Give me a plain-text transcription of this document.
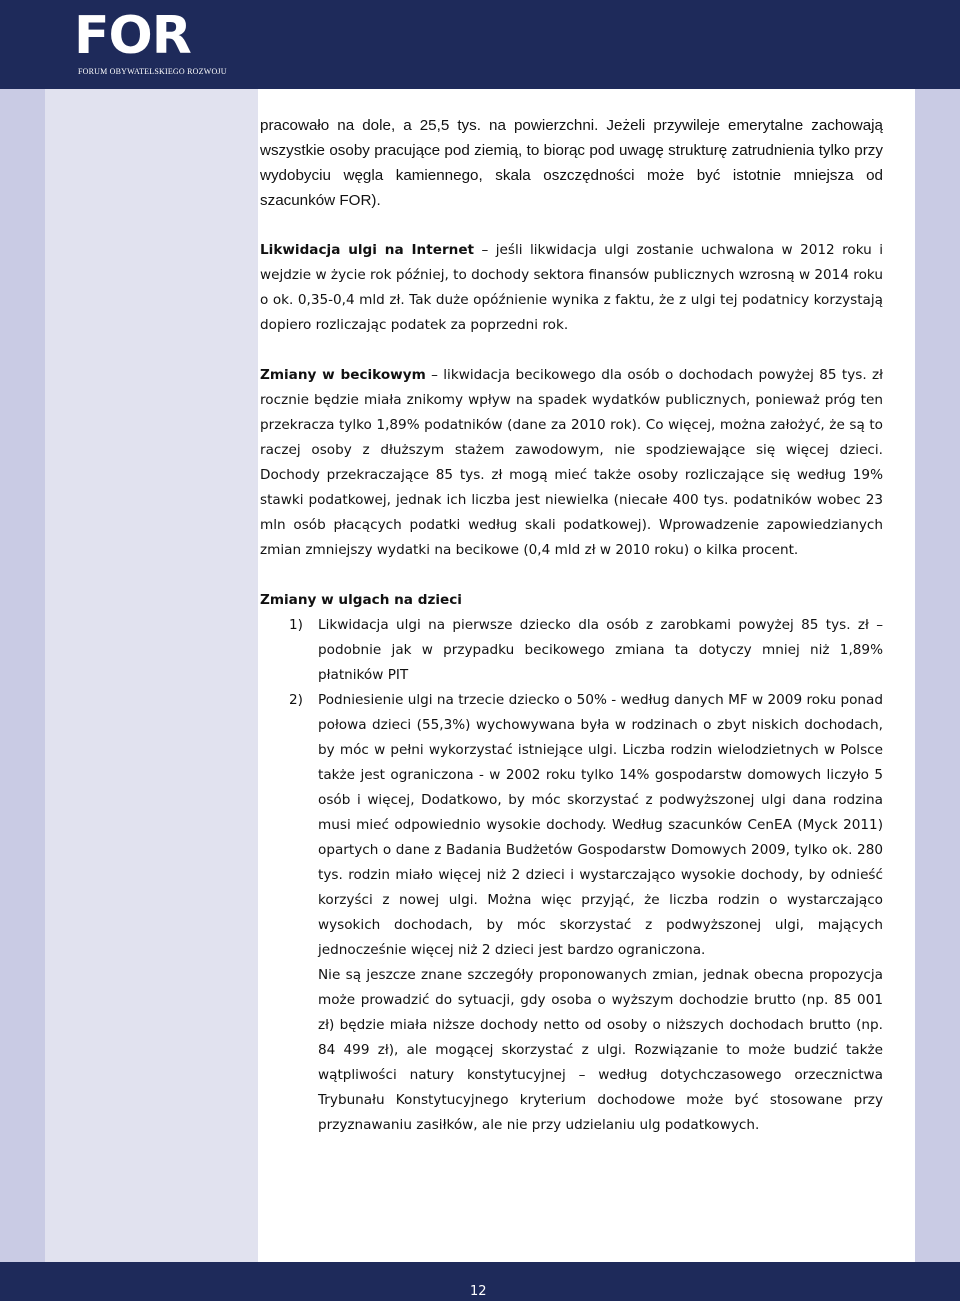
FOR
FORUM OBYWATELSKIEGO ROZWOJU

pracowało na dole, a 25,5 tys. na powierzchni. Jeżeli przywileje emerytalne zachowają wszystkie osoby pracujące pod ziemią, to biorąc pod uwagę strukturę zatrudnienia tylko przy wydobyciu węgla kamiennego, skala oszczędności może być istotnie mniejsza od szacunków FOR).

Likwidacja ulgi na Internet – jeśli likwidacja ulgi zostanie uchwalona w 2012 roku i wejdzie w życie rok później, to dochody sektora finansów publicznych wzrosną w 2014 roku o ok. 0,35-0,4 mld zł. Tak duże opóźnienie wynika z faktu, że z ulgi tej podatnicy korzystają dopiero rozliczając podatek za poprzedni rok.

Zmiany w becikowym – likwidacja becikowego dla osób o dochodach powyżej 85 tys. zł rocznie będzie miała znikomy wpływ na spadek wydatków publicznych, ponieważ próg ten przekracza tylko 1,89% podatników (dane za 2010 rok). Co więcej, można założyć, że są to raczej osoby z dłuższym stażem zawodowym, nie spodziewające się więcej dzieci. Dochody przekraczające 85 tys. zł mogą mieć także osoby rozliczające się według 19% stawki podatkowej, jednak ich liczba jest niewielka (niecałe 400 tys. podatników wobec 23 mln osób płacących podatki według skali podatkowej). Wprowadzenie zapowiedzianych zmian zmniejszy wydatki na becikowe (0,4 mld zł w 2010 roku) o kilka procent.

Zmiany w ulgach na dzieci

1) Likwidacja ulgi na pierwsze dziecko dla osób z zarobkami powyżej 85 tys. zł – podobnie jak w przypadku becikowego zmiana ta dotyczy mniej niż 1,89% płatników PIT

2) Podniesienie ulgi na trzecie dziecko o 50% - według danych MF w 2009 roku ponad połowa dzieci (55,3%) wychowywana była w rodzinach o zbyt niskich dochodach, by móc w pełni wykorzystać istniejące ulgi. Liczba rodzin wielodzietnych w Polsce także jest ograniczona - w 2002 roku tylko 14% gospodarstw domowych liczyło 5 osób i więcej, Dodatkowo, by móc skorzystać z podwyższonej ulgi dana rodzina musi mieć odpowiednio wysokie dochody. Według szacunków CenEA (Myck 2011) opartych o dane z Badania Budżetów Gospodarstw Domowych 2009, tylko ok. 280 tys. rodzin miało więcej niż 2 dzieci i wystarczająco wysokie dochody, by odnieść korzyści z nowej ulgi. Można więc przyjąć, że liczba rodzin o wystarczająco wysokich dochodach, by móc skorzystać z podwyższonej ulgi, mających jednocześnie więcej niż 2 dzieci jest bardzo ograniczona.

Nie są jeszcze znane szczegóły proponowanych zmian, jednak obecna propozycja może prowadzić do sytuacji, gdy osoba o wyższym dochodzie brutto (np. 85 001 zł) będzie miała niższe dochody netto od osoby o niższych dochodach brutto (np. 84 499 zł), ale mogącej skorzystać z ulgi. Rozwiązanie to może budzić także wątpliwości natury konstytucyjnej – według dotychczasowego orzecznictwa Trybunału Konstytucyjnego kryterium dochodowe może być stosowane przy przyznawaniu zasiłków, ale nie przy udzielaniu ulg podatkowych.

12
